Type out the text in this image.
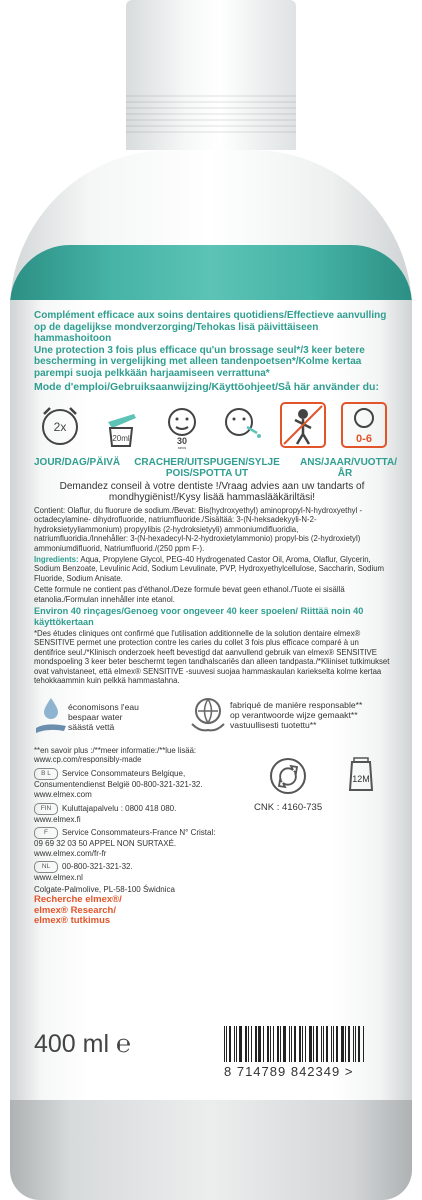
Complément efficace aux soins dentaires quotidiens/Effectieve aanvulling op de dagelijkse mondverzorging/Tehokas lisä päivittäiseen hammashoitoon
Une protection 3 fois plus efficace qu'un brossage seul*/3 keer betere bescherming in vergelijking met alleen tandenpoetsen*/Kolme kertaa parempi suoja pelkkään harjaamiseen verrattuna*
Mode d'emploi/Gebruiksaanwijzing/Käyttöohjeet/Så här använder du:
2x
20ml	30
secs
0-6
JOUR/DAG/PÄIVÄ	CRACHER/UITSPUGEN/SYLJE POIS/SPOTTA UT
ANS/JAAR/VUOTTA/ÅR
Demandez conseil à votre dentiste !/Vraag advies aan uw tandarts of mondhygiënist!/Kysy lisää hammaslääkäriltäsi!
Contient: Olaflur, du fluorure de sodium./Bevat: Bis(hydroxyethyl) aminopropyl-N-hydroxyethyl -octadecylamine- dihydrofluoride, natriumfluoride./Sisältää: 3-(N-heksadekyyli-N-2- hydroksietyyliammonium) propyylibis (2-hydroksietyyli) ammoniumdifluoridia, natriumfluoridia./Innehåller: 3-(N-hexadecyl-N-2-hydroxietylammonio) propyl-bis (2-hydroxietyl) ammoniumdifluorid, Natriumfluorid./(250 ppm F-).
Ingredients: Aqua, Propylene Glycol, PEG-40 Hydrogenated Castor Oil, Aroma, Olaflur, Glycerin, Sodium Benzoate, Levulinic Acid, Sodium Levulinate, PVP, Hydroxyethylcellulose, Saccharin, Sodium Fluoride, Sodium Anisate.
Cette formule ne contient pas d'éthanol./Deze formule bevat geen ethanol./Tuote ei sisällä etanolia./Formulan innehåller inte etanol.
Environ 40 rinçages/Genoeg voor ongeveer 40 keer spoelen/ Riittää noin 40 käyttökertaan
*Des études cliniques ont confirmé que l'utilisation additionnelle de la solution dentaire elmex® SENSITIVE permet une protection contre les caries du collet 3 fois plus efficace comparé à un dentifrice seul./*Klinisch onderzoek heeft bevestigd dat aanvullend gebruik van elmex® SENSITIVE mondspoeling 3 keer beter beschermt tegen tandhalscariës dan alleen tandpasta./*Kliiniset tutkimukset ovat vahvistaneet, että elmex® SENSITIVE -suuvesi suojaa hammaskaulan kariekselta kolme kertaa tehokkaammin kuin pelkkä hammastahna.
économisons l'eau
bespaar water
säästä vettä
fabriqué de manière responsable**
op verantwoorde wijze gemaakt**
vastuullisesti tuotettu**
**en savoir plus :/**meer informatie:/**lue lisää:
www.cp.com/responsibly-made
B L Service Consommateurs Belgique,
Consumentendienst België 00-800-321-321-32.
www.elmex.com
FIN Kuluttajapalvelu : 0800 418 080.
www.elmex.fi
F Service Consommateurs-France N° Cristal:
09 69 32 03 50 APPEL NON SURTAXÉ.
www.elmex.com/fr-fr
NL 00-800-321-321-32.
www.elmex.nl
Colgate-Palmolive, PL-58-100 Świdnica
Recherche elmex®/
elmex® Research/
elmex® tutkimus
12M
CNK : 4160-735
400 ml ℮
8 714789 842349 >
